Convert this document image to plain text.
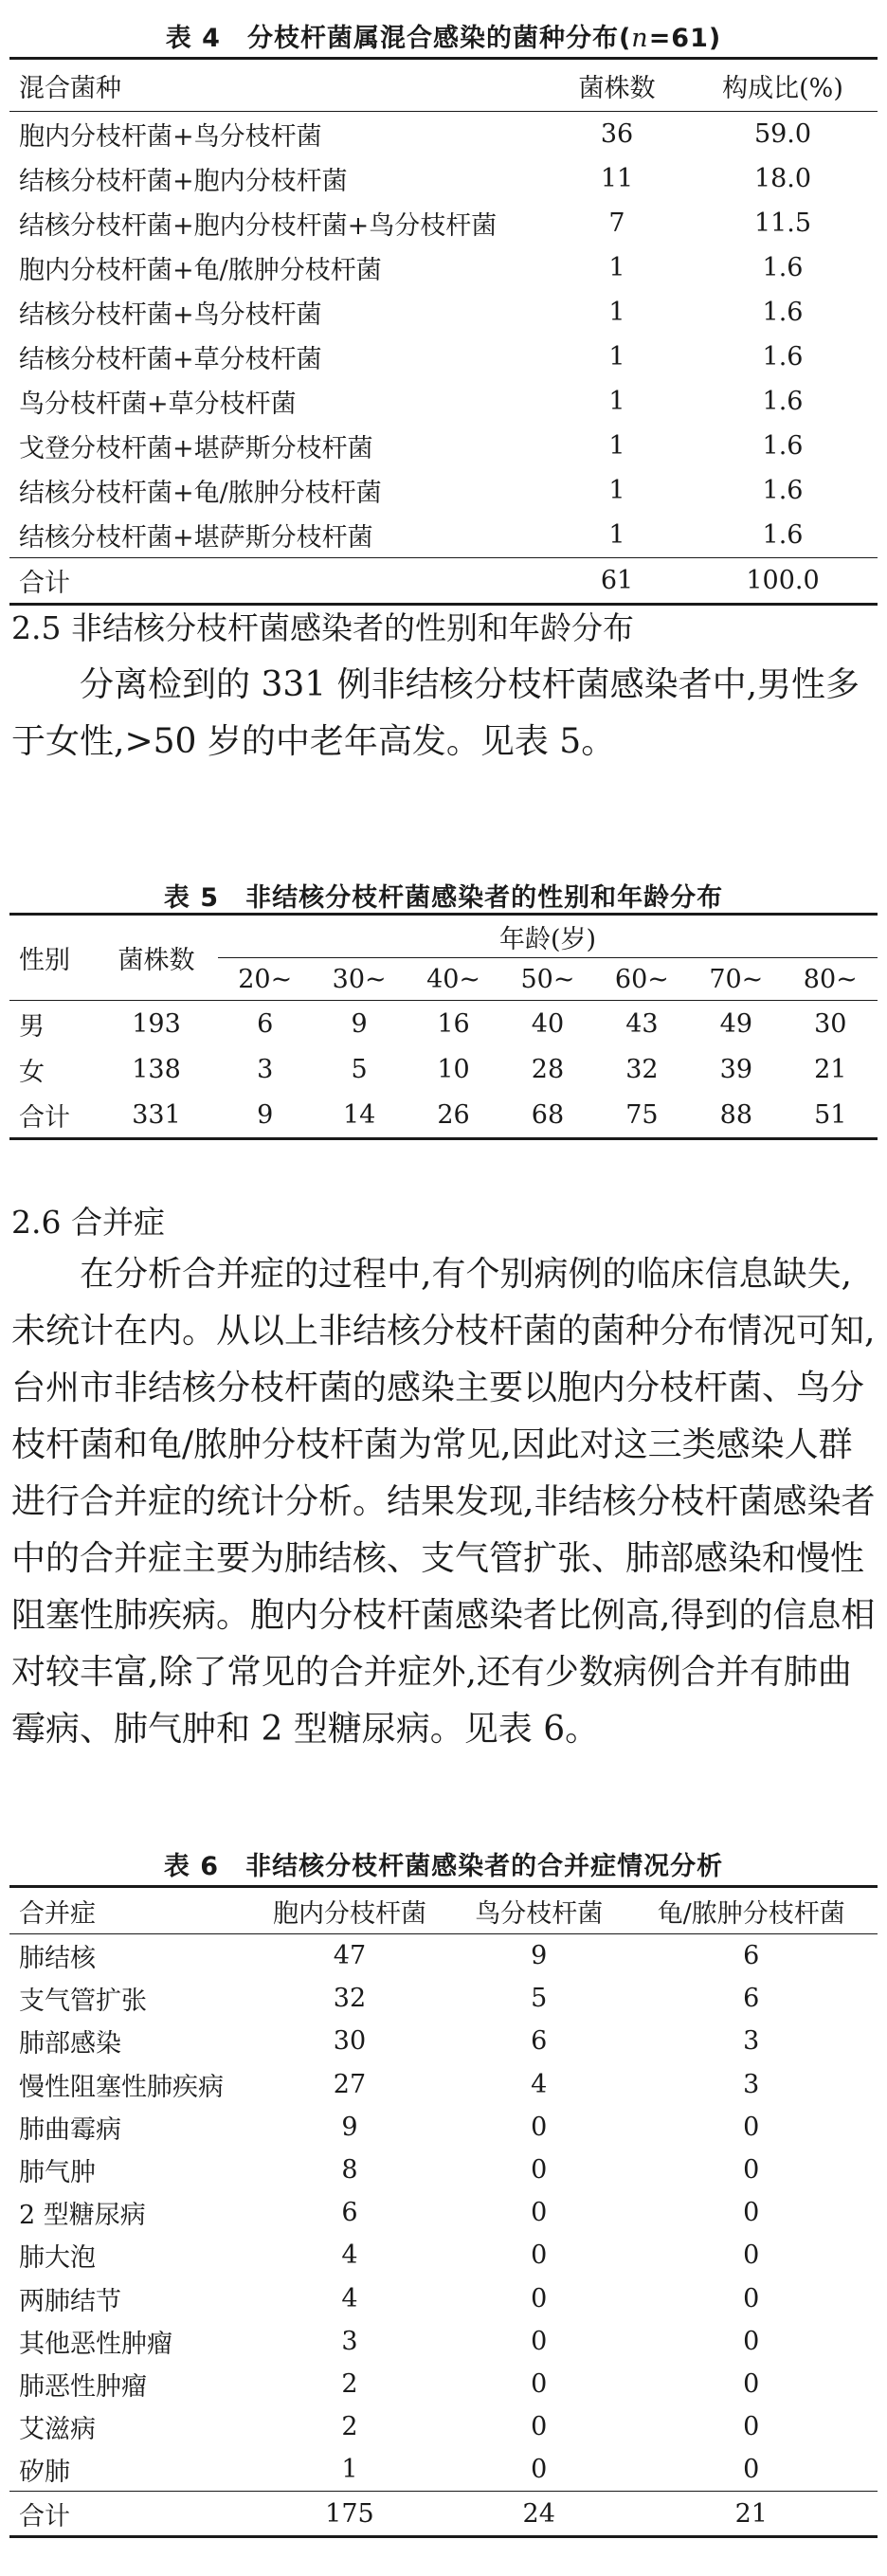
表 4　分枝杆菌属混合感染的菌种分布(n=61)
混合菌种	菌株数	构成比(%)
胞内分枝杆菌+鸟分枝杆菌	36	59.0
结核分枝杆菌+胞内分枝杆菌	11	18.0
结核分枝杆菌+胞内分枝杆菌+鸟分枝杆菌	7	11.5
胞内分枝杆菌+龟/脓肿分枝杆菌	1	1.6
结核分枝杆菌+鸟分枝杆菌	1	1.6
结核分枝杆菌+草分枝杆菌	1	1.6
鸟分枝杆菌+草分枝杆菌	1	1.6
戈登分枝杆菌+堪萨斯分枝杆菌	1	1.6
结核分枝杆菌+龟/脓肿分枝杆菌	1	1.6
结核分枝杆菌+堪萨斯分枝杆菌	1	1.6
合计	61	100.0
2.5 非结核分枝杆菌感染者的性别和年龄分布

分离检到的 331 例非结核分枝杆菌感染者中,男性多于女性,>50 岁的中老年高发。见表 5。

表 5　非结核分枝杆菌感染者的性别和年龄分布
性别	菌株数	年龄(岁)						
		20~	30~	40~	50~	60~	70~	80~
男	193	6	9	16	40	43	49	30
女	138	3	5	10	28	32	39	21
合计	331	9	14	26	68	75	88	51
2.6 合并症

在分析合并症的过程中,有个别病例的临床信息缺失,未统计在内。从以上非结核分枝杆菌的菌种分布情况可知,台州市非结核分枝杆菌的感染主要以胞内分枝杆菌、鸟分枝杆菌和龟/脓肿分枝杆菌为常见,因此对这三类感染人群进行合并症的统计分析。结果发现,非结核分枝杆菌感染者中的合并症主要为肺结核、支气管扩张、肺部感染和慢性阻塞性肺疾病。胞内分枝杆菌感染者比例高,得到的信息相对较丰富,除了常见的合并症外,还有少数病例合并有肺曲霉病、肺气肿和 2 型糖尿病。见表 6。

表 6　非结核分枝杆菌感染者的合并症情况分析
合并症	胞内分枝杆菌	鸟分枝杆菌	龟/脓肿分枝杆菌
肺结核	47	9	6
支气管扩张	32	5	6
肺部感染	30	6	3
慢性阻塞性肺疾病	27	4	3
肺曲霉病	9	0	0
肺气肿	8	0	0
2 型糖尿病	6	0	0
肺大泡	4	0	0
两肺结节	4	0	0
其他恶性肿瘤	3	0	0
肺恶性肿瘤	2	0	0
艾滋病	2	0	0
矽肺	1	0	0
合计	175	24	21
